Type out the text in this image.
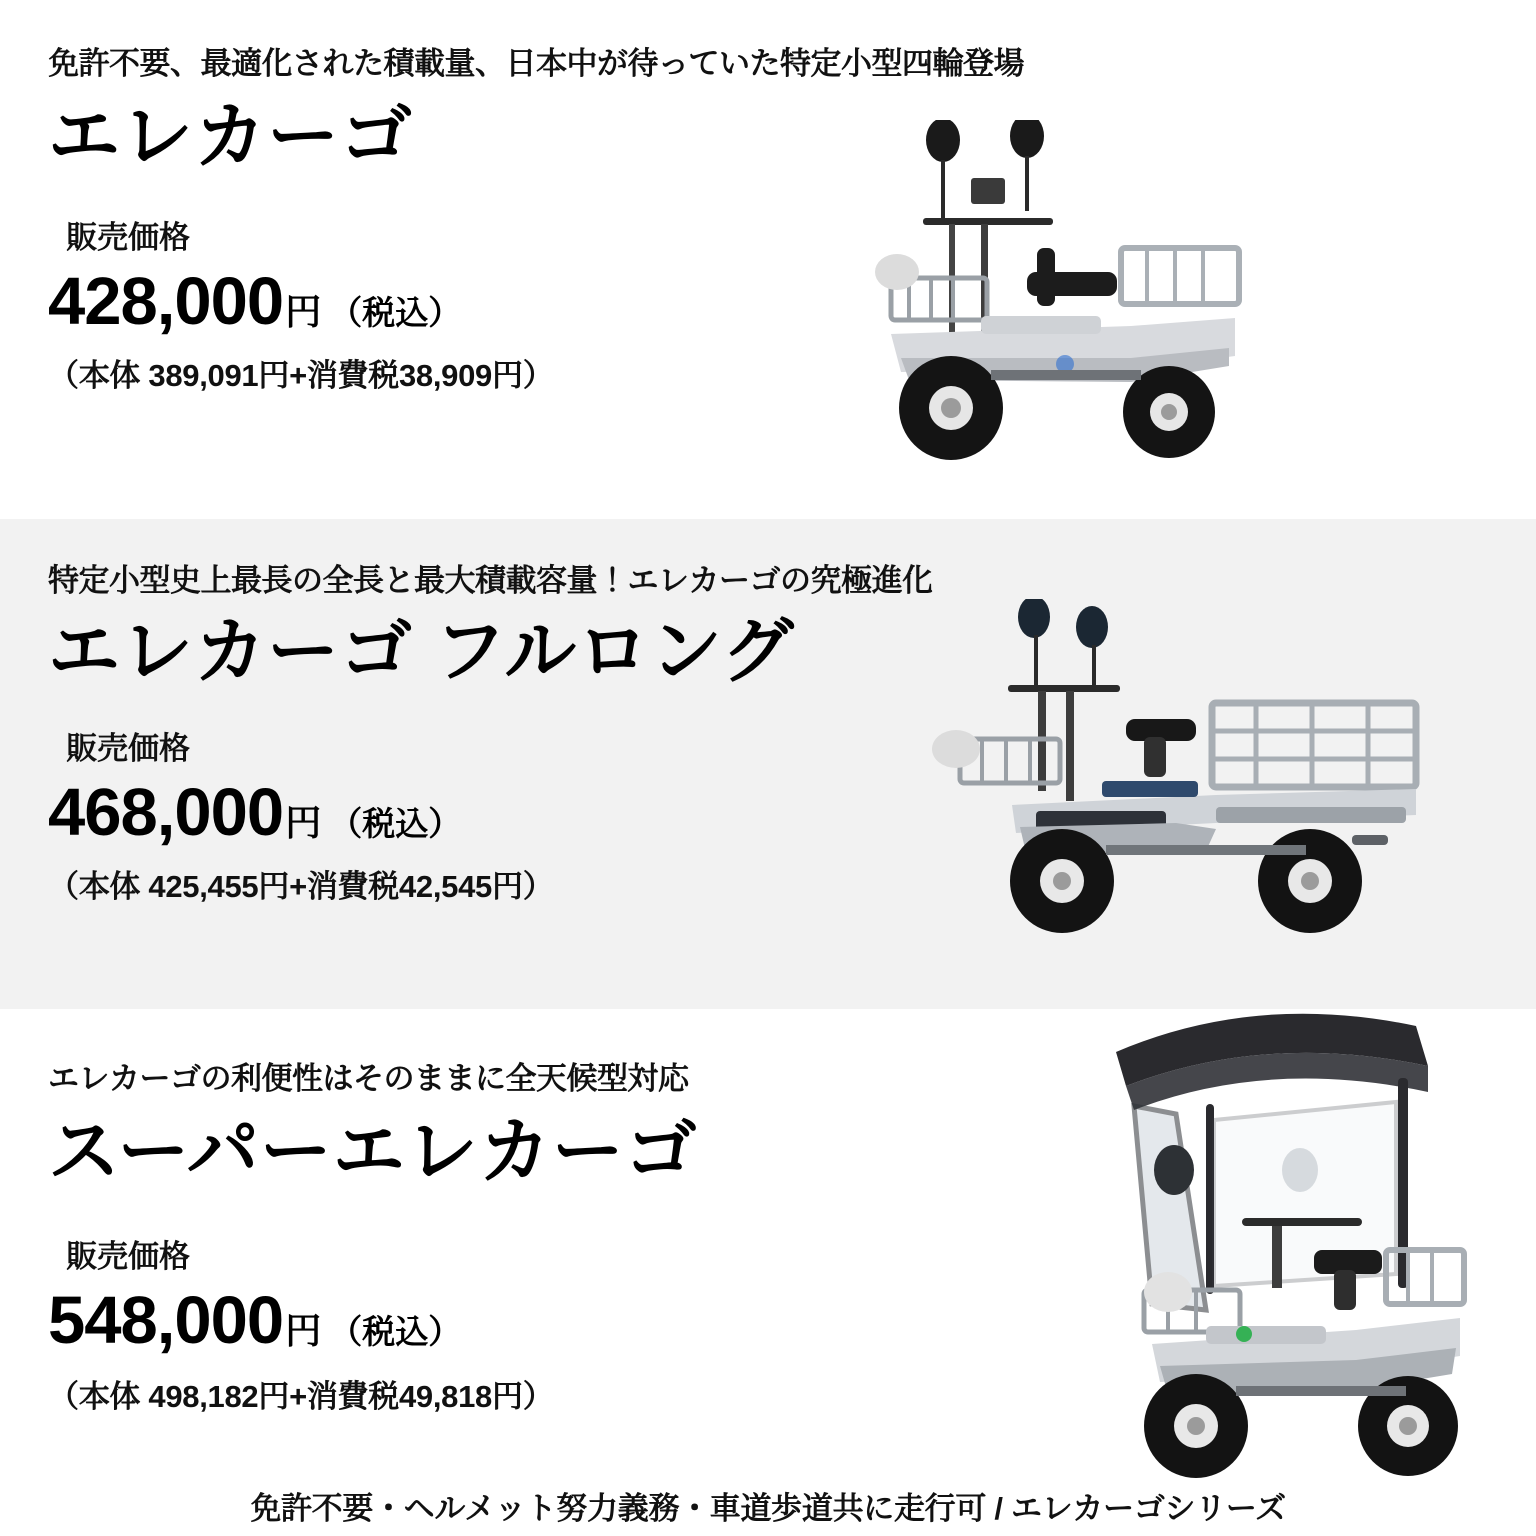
免許不要、最適化された積載量、日本中が待っていた特定小型四輪登場
エレカーゴ
販売価格
428,000 円 （税込）
（本体 389,091円+消費税38,909円）
特定小型史上最長の全長と最大積載容量！エレカーゴの究極進化
エレカーゴ フルロング
販売価格
468,000 円 （税込）
（本体 425,455円+消費税42,545円）
エレカーゴの利便性はそのままに全天候型対応
スーパーエレカーゴ
販売価格
548,000 円 （税込）
（本体 498,182円+消費税49,818円）
免許不要・ヘルメット努力義務・車道歩道共に走行可 / エレカーゴシリーズ
